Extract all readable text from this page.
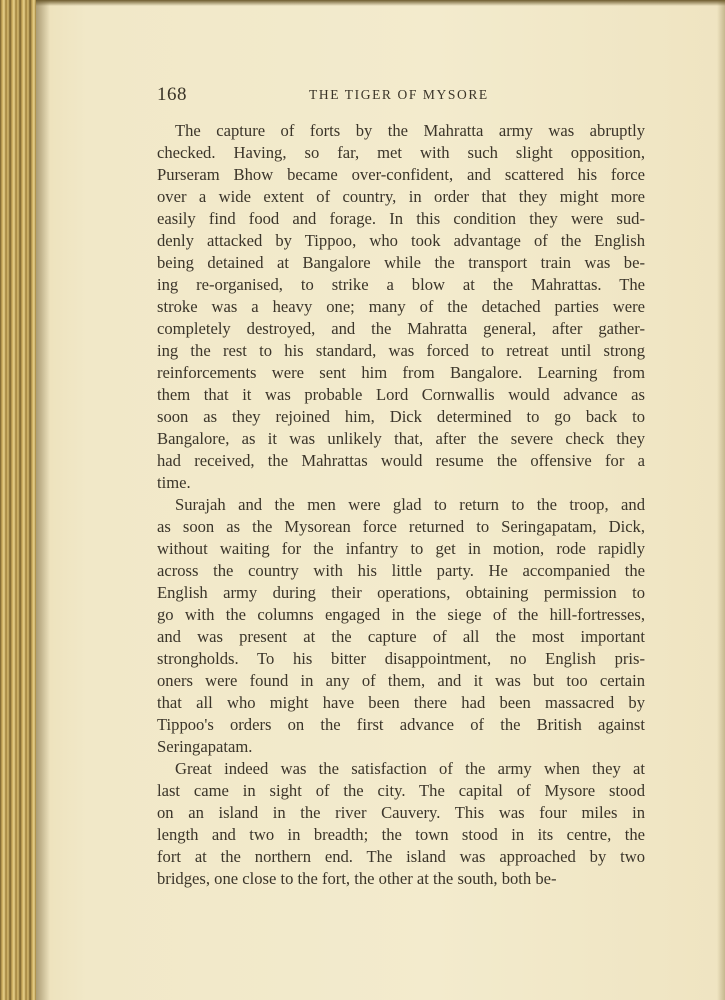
168	THE TIGER OF MYSORE
The capture of forts by the Mahratta army was abruptly
checked. Having, so far, met with such slight opposition,
Purseram Bhow became over-confident, and scattered his force
over a wide extent of country, in order that they might more
easily find food and forage. In this condition they were sud-
denly attacked by Tippoo, who took advantage of the English
being detained at Bangalore while the transport train was be-
ing re-organised, to strike a blow at the Mahrattas. The
stroke was a heavy one; many of the detached parties were
completely destroyed, and the Mahratta general, after gather-
ing the rest to his standard, was forced to retreat until strong
reinforcements were sent him from Bangalore. Learning from
them that it was probable Lord Cornwallis would advance as
soon as they rejoined him, Dick determined to go back to
Bangalore, as it was unlikely that, after the severe check they
had received, the Mahrattas would resume the offensive for a
time.
Surajah and the men were glad to return to the troop, and
as soon as the Mysorean force returned to Seringapatam, Dick,
without waiting for the infantry to get in motion, rode rapidly
across the country with his little party. He accompanied the
English army during their operations, obtaining permission to
go with the columns engaged in the siege of the hill-fortresses,
and was present at the capture of all the most important
strongholds. To his bitter disappointment, no English pris-
oners were found in any of them, and it was but too certain
that all who might have been there had been massacred by
Tippoo's orders on the first advance of the British against
Seringapatam.
Great indeed was the satisfaction of the army when they at
last came in sight of the city. The capital of Mysore stood
on an island in the river Cauvery. This was four miles in
length and two in breadth; the town stood in its centre, the
fort at the northern end. The island was approached by two
bridges, one close to the fort, the other at the south, both be-
